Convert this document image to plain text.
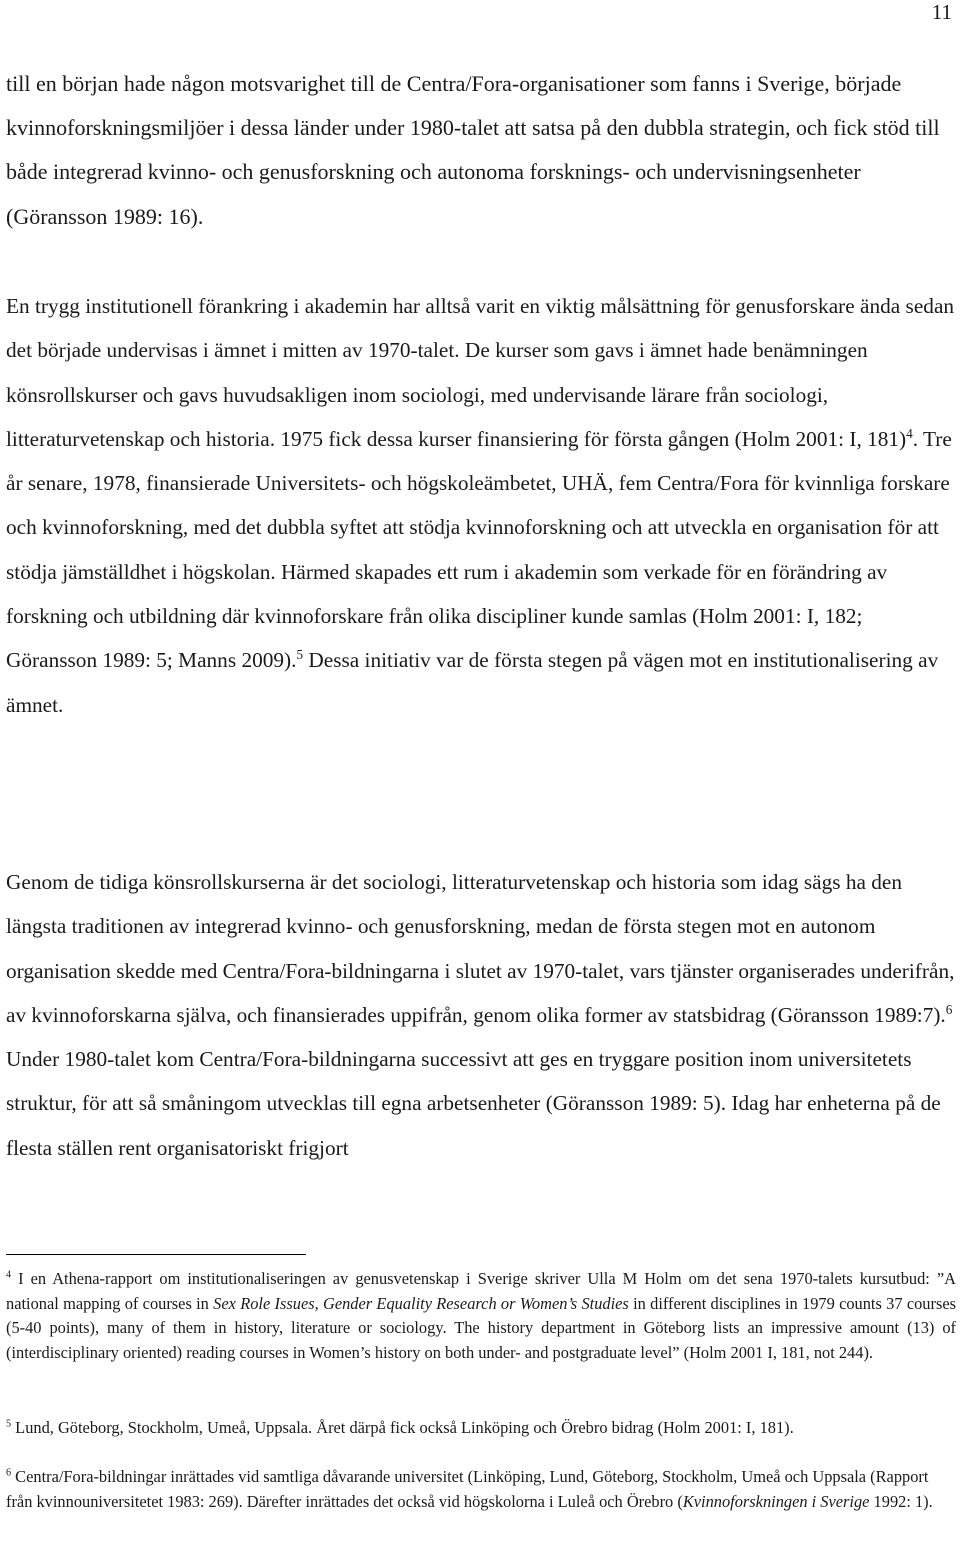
11

till en början hade någon motsvarighet till de Centra/Fora-organisationer som fanns i Sverige, började kvinnoforskningsmiljöer i dessa länder under 1980-talet att satsa på den dubbla strategin, och fick stöd till både integrerad kvinno- och genusforskning och autonoma forsknings- och undervisningsenheter (Göransson 1989: 16).

En trygg institutionell förankring i akademin har alltså varit en viktig målsättning för genusforskare ända sedan det började undervisas i ämnet i mitten av 1970-talet. De kurser som gavs i ämnet hade benämningen könsrollskurser och gavs huvudsakligen inom sociologi, med undervisande lärare från sociologi, litteraturvetenskap och historia. 1975 fick dessa kurser finansiering för första gången (Holm 2001: I, 181)$^4$. Tre år senare, 1978, finansierade Universitets- och högskoleämbetet, UHÄ, fem Centra/Fora för kvinnliga forskare och kvinnoforskning, med det dubbla syftet att stödja kvinnoforskning och att utveckla en organisation för att stödja jämställdhet i högskolan. Härmed skapades ett rum i akademin som verkade för en förändring av forskning och utbildning där kvinnoforskare från olika discipliner kunde samlas (Holm 2001: I, 182; Göransson 1989: 5; Manns 2009).$^5$ Dessa initiativ var de första stegen på vägen mot en institutionalisering av ämnet.

Genom de tidiga könsrollskurserna är det sociologi, litteraturvetenskap och historia som idag sägs ha den längsta traditionen av integrerad kvinno- och genusforskning, medan de första stegen mot en autonom organisation skedde med Centra/Fora-bildningarna i slutet av 1970-talet, vars tjänster organiserades underifrån, av kvinnoforskarna själva, och finansierades uppifrån, genom olika former av statsbidrag (Göransson 1989:7).$^6$ Under 1980-talet kom Centra/Fora-bildningarna successivt att ges en tryggare position inom universitetets struktur, för att så småningom utvecklas till egna arbetsenheter (Göransson 1989: 5). Idag har enheterna på de flesta ställen rent organisatoriskt frigjort

$^4$ I en Athena-rapport om institutionaliseringen av genusvetenskap i Sverige skriver Ulla M Holm om det sena 1970-talets kursutbud: ”A national mapping of courses in Sex Role Issues, Gender Equality Research or Women’s Studies in different disciplines in 1979 counts 37 courses (5-40 points), many of them in history, literature or sociology. The history department in Göteborg lists an impressive amount (13) of (interdisciplinary oriented) reading courses in Women’s history on both under- and postgraduate level” (Holm 2001 I, 181, not 244).

$^5$ Lund, Göteborg, Stockholm, Umeå, Uppsala. Året därpå fick också Linköping och Örebro bidrag (Holm 2001: I, 181).

$^6$ Centra/Fora-bildningar inrättades vid samtliga dåvarande universitet (Linköping, Lund, Göteborg, Stockholm, Umeå och Uppsala (Rapport från kvinnouniversitetet 1983: 269). Därefter inrättades det också vid högskolorna i Luleå och Örebro (Kvinnoforskningen i Sverige 1992: 1).
